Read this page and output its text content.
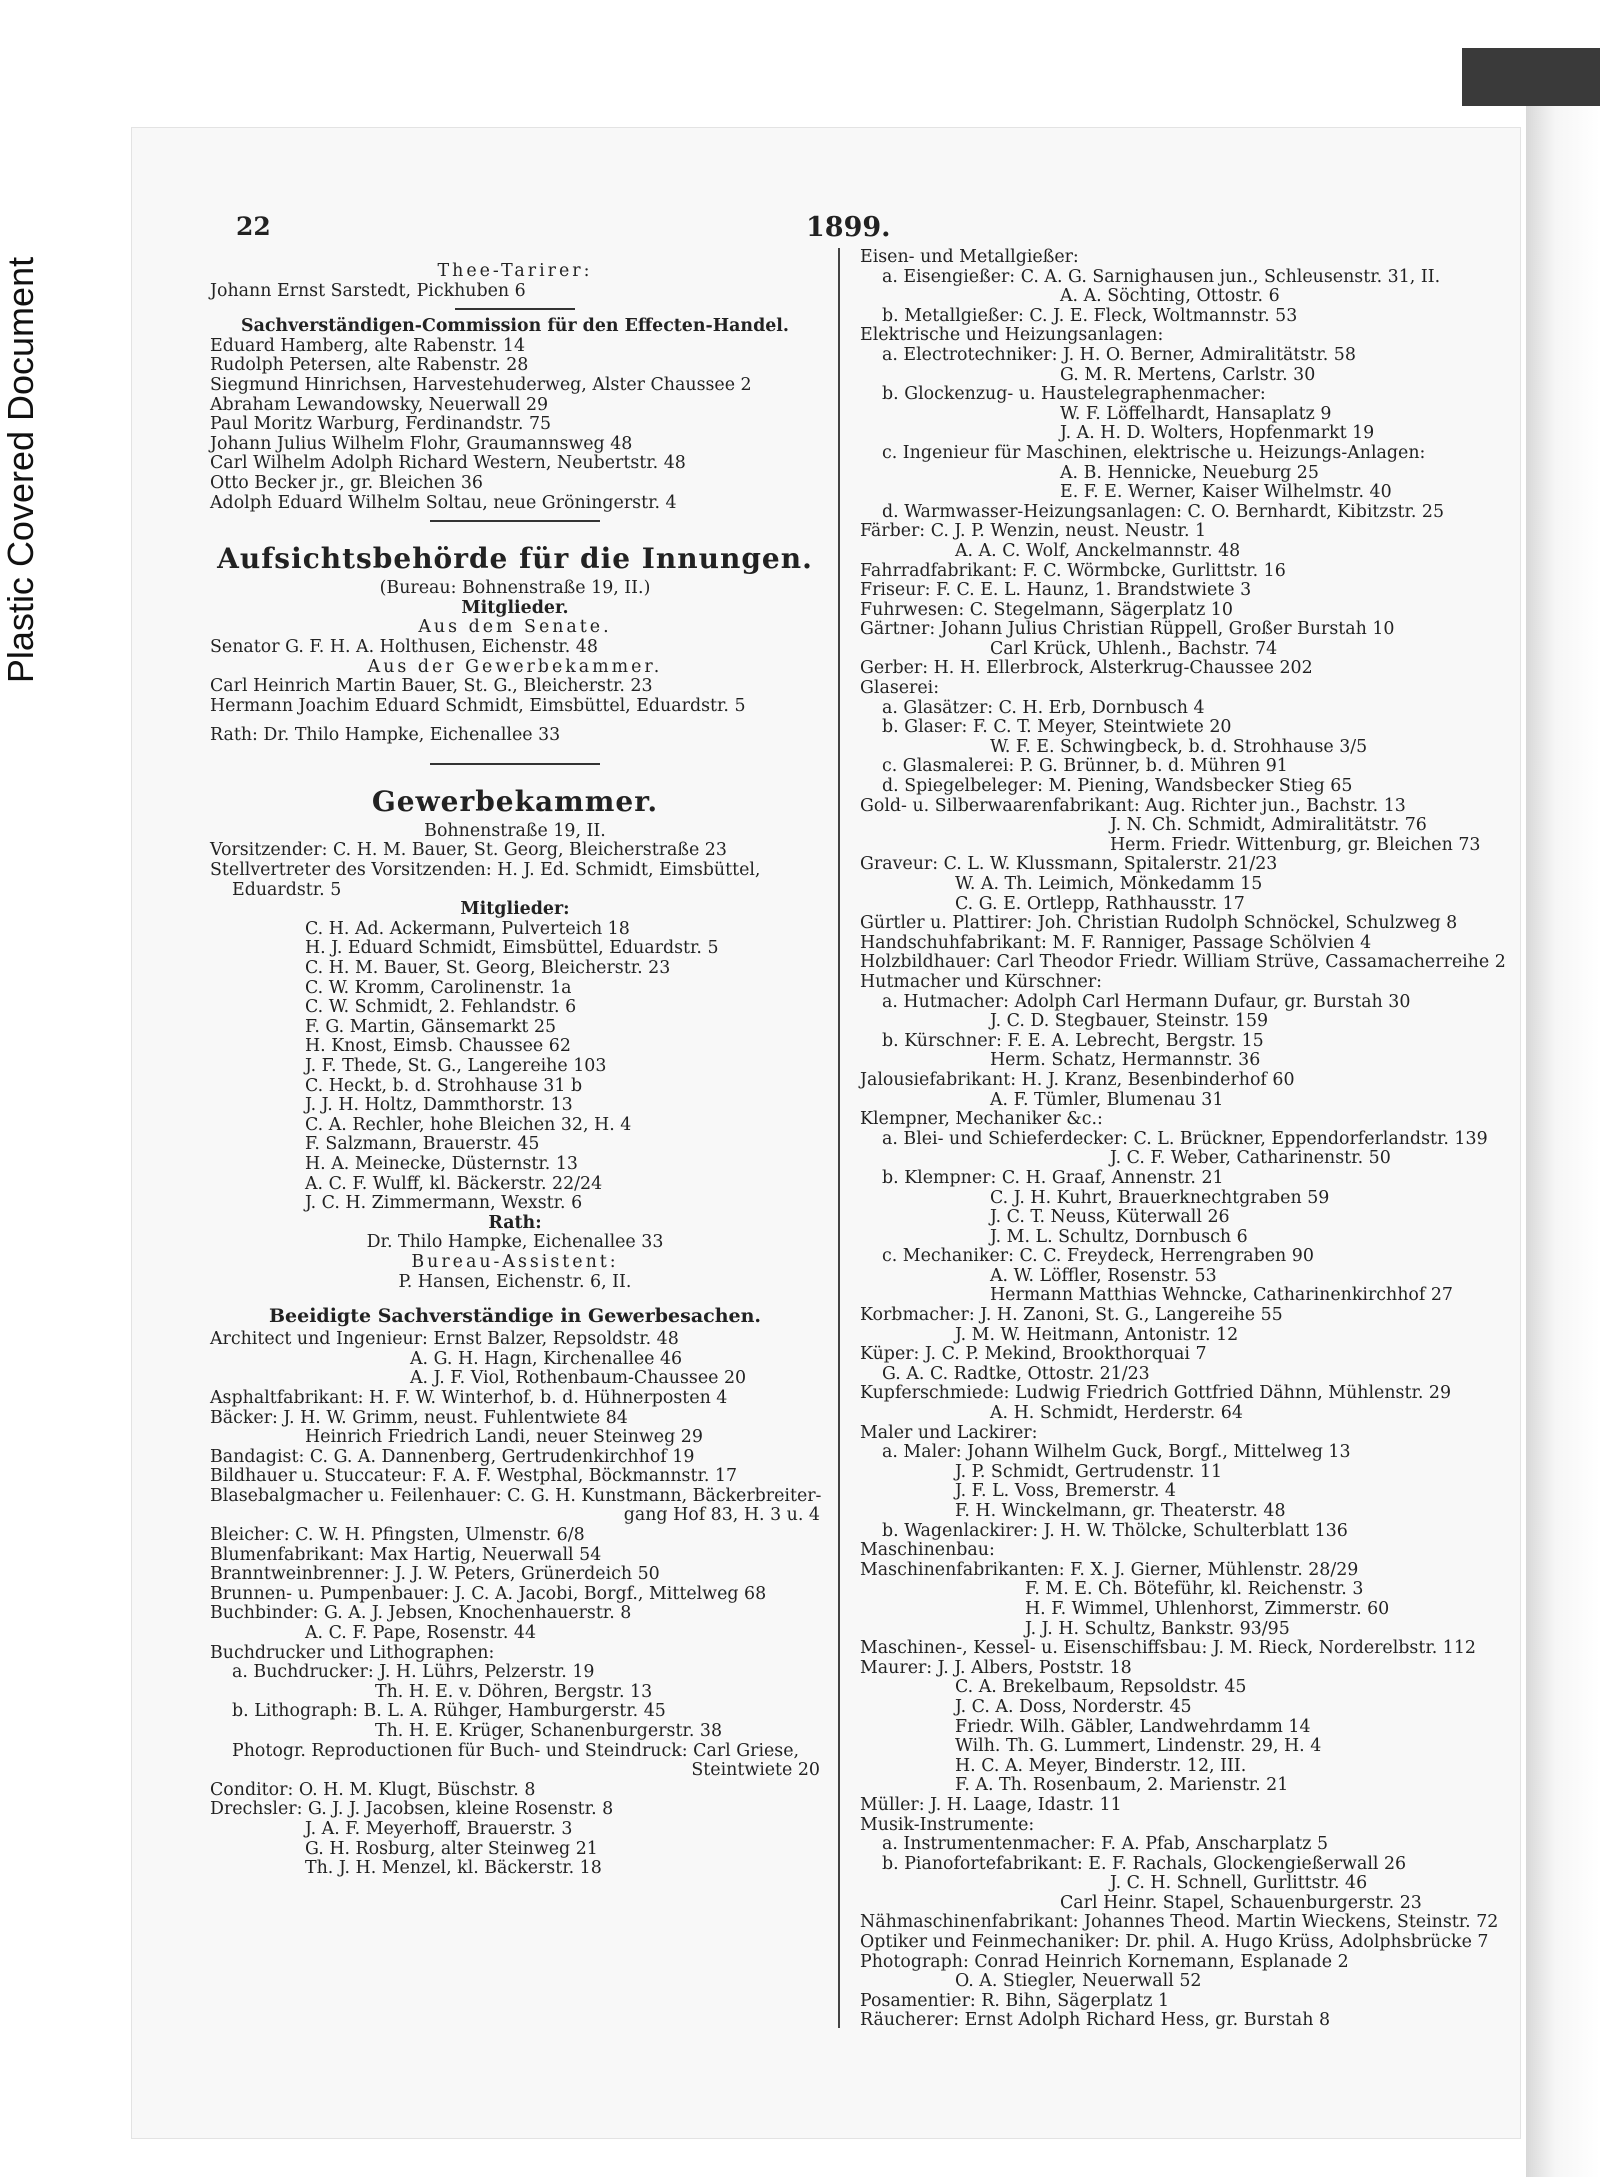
Plastic Covered Document
22	1899.

Thee-Tarirer:

Johann Ernst Sarstedt, Pickhuben 6

Sachverständigen-Commission für den Effecten-Handel.

Eduard Hamberg, alte Rabenstr. 14

Rudolph Petersen, alte Rabenstr. 28

Siegmund Hinrichsen, Harvestehuderweg, Alster Chaussee 2

Abraham Lewandowsky, Neuerwall 29

Paul Moritz Warburg, Ferdinandstr. 75

Johann Julius Wilhelm Flohr, Graumannsweg 48

Carl Wilhelm Adolph Richard Western, Neubertstr. 48

Otto Becker jr., gr. Bleichen 36

Adolph Eduard Wilhelm Soltau, neue Gröningerstr. 4

Aufsichtsbehörde für die Innungen.

(Bureau: Bohnenstraße 19, II.)

Mitglieder.

Aus dem Senate.

Senator G. F. H. A. Holthusen, Eichenstr. 48

Aus der Gewerbekammer.

Carl Heinrich Martin Bauer, St. G., Bleicherstr. 23

Hermann Joachim Eduard Schmidt, Eimsbüttel, Eduardstr. 5

Rath: Dr. Thilo Hampke, Eichenallee 33

Gewerbekammer.

Bohnenstraße 19, II.

Vorsitzender: C. H. M. Bauer, St. Georg, Bleicherstraße 23

Stellvertreter des Vorsitzenden: H. J. Ed. Schmidt, Eimsbüttel,

Eduardstr. 5

Mitglieder:

C. H. Ad. Ackermann, Pulverteich 18

H. J. Eduard Schmidt, Eimsbüttel, Eduardstr. 5

C. H. M. Bauer, St. Georg, Bleicherstr. 23

C. W. Kromm, Carolinenstr. 1a

C. W. Schmidt, 2. Fehlandstr. 6

F. G. Martin, Gänsemarkt 25

H. Knost, Eimsb. Chaussee 62

J. F. Thede, St. G., Langereihe 103

C. Heckt, b. d. Strohhause 31 b

J. J. H. Holtz, Dammthorstr. 13

C. A. Rechler, hohe Bleichen 32, H. 4

F. Salzmann, Brauerstr. 45

H. A. Meinecke, Düsternstr. 13

A. C. F. Wulff, kl. Bäckerstr. 22/24

J. C. H. Zimmermann, Wexstr. 6

Rath:

Dr. Thilo Hampke, Eichenallee 33

Bureau-Assistent:

P. Hansen, Eichenstr. 6, II.

Beeidigte Sachverständige in Gewerbesachen.

Architect und Ingenieur: Ernst Balzer, Repsoldstr. 48

A. G. H. Hagn, Kirchenallee 46

A. J. F. Viol, Rothenbaum-Chaussee 20

Asphaltfabrikant: H. F. W. Winterhof, b. d. Hühnerposten 4

Bäcker: J. H. W. Grimm, neust. Fuhlentwiete 84

Heinrich Friedrich Landi, neuer Steinweg 29

Bandagist: C. G. A. Dannenberg, Gertrudenkirchhof 19

Bildhauer u. Stuccateur: F. A. F. Westphal, Böckmannstr. 17

Blasebalgmacher u. Feilenhauer: C. G. H. Kunstmann, Bäckerbreiter-

gang Hof 83, H. 3 u. 4

Bleicher: C. W. H. Pfingsten, Ulmenstr. 6/8

Blumenfabrikant: Max Hartig, Neuerwall 54

Branntweinbrenner: J. J. W. Peters, Grünerdeich 50

Brunnen- u. Pumpenbauer: J. C. A. Jacobi, Borgf., Mittelweg 68

Buchbinder: G. A. J. Jebsen, Knochenhauerstr. 8

A. C. F. Pape, Rosenstr. 44

Buchdrucker und Lithographen:

a. Buchdrucker: J. H. Lührs, Pelzerstr. 19

Th. H. E. v. Döhren, Bergstr. 13

b. Lithograph: B. L. A. Rühger, Hamburgerstr. 45

Th. H. E. Krüger, Schanenburgerstr. 38

Photogr. Reproductionen für Buch- und Steindruck: Carl Griese,

Steintwiete 20

Conditor: O. H. M. Klugt, Büschstr. 8

Drechsler: G. J. J. Jacobsen, kleine Rosenstr. 8

J. A. F. Meyerhoff, Brauerstr. 3

G. H. Rosburg, alter Steinweg 21

Th. J. H. Menzel, kl. Bäckerstr. 18

Eisen- und Metallgießer:

a. Eisengießer: C. A. G. Sarnighausen jun., Schleusenstr. 31, II.

A. A. Söchting, Ottostr. 6

b. Metallgießer: C. J. E. Fleck, Woltmannstr. 53

Elektrische und Heizungsanlagen:

a. Electrotechniker: J. H. O. Berner, Admiralitätstr. 58

G. M. R. Mertens, Carlstr. 30

b. Glockenzug- u. Haustelegraphenmacher:

W. F. Löffelhardt, Hansaplatz 9

J. A. H. D. Wolters, Hopfenmarkt 19

c. Ingenieur für Maschinen, elektrische u. Heizungs-Anlagen:

A. B. Hennicke, Neueburg 25

E. F. E. Werner, Kaiser Wilhelmstr. 40

d. Warmwasser-Heizungsanlagen: C. O. Bernhardt, Kibitzstr. 25

Färber: C. J. P. Wenzin, neust. Neustr. 1

A. A. C. Wolf, Anckelmannstr. 48

Fahrradfabrikant: F. C. Wörmbcke, Gurlittstr. 16

Friseur: F. C. E. L. Haunz, 1. Brandstwiete 3

Fuhrwesen: C. Stegelmann, Sägerplatz 10

Gärtner: Johann Julius Christian Rüppell, Großer Burstah 10

Carl Krück, Uhlenh., Bachstr. 74

Gerber: H. H. Ellerbrock, Alsterkrug-Chaussee 202

Glaserei:

a. Glasätzer: C. H. Erb, Dornbusch 4

b. Glaser: F. C. T. Meyer, Steintwiete 20

W. F. E. Schwingbeck, b. d. Strohhause 3/5

c. Glasmalerei: P. G. Brünner, b. d. Mühren 91

d. Spiegelbeleger: M. Piening, Wandsbecker Stieg 65

Gold- u. Silberwaarenfabrikant: Aug. Richter jun., Bachstr. 13

J. N. Ch. Schmidt, Admiralitätstr. 76

Herm. Friedr. Wittenburg, gr. Bleichen 73

Graveur: C. L. W. Klussmann, Spitalerstr. 21/23

W. A. Th. Leimich, Mönkedamm 15

C. G. E. Ortlepp, Rathhausstr. 17

Gürtler u. Plattirer: Joh. Christian Rudolph Schnöckel, Schulzweg 8

Handschuhfabrikant: M. F. Ranniger, Passage Schölvien 4

Holzbildhauer: Carl Theodor Friedr. William Strüve, Cassamacherreihe 2

Hutmacher und Kürschner:

a. Hutmacher: Adolph Carl Hermann Dufaur, gr. Burstah 30

J. C. D. Stegbauer, Steinstr. 159

b. Kürschner: F. E. A. Lebrecht, Bergstr. 15

Herm. Schatz, Hermannstr. 36

Jalousiefabrikant: H. J. Kranz, Besenbinderhof 60

A. F. Tümler, Blumenau 31

Klempner, Mechaniker &c.:

a. Blei- und Schieferdecker: C. L. Brückner, Eppendorferlandstr. 139

J. C. F. Weber, Catharinenstr. 50

b. Klempner: C. H. Graaf, Annenstr. 21

C. J. H. Kuhrt, Brauerknechtgraben 59

J. C. T. Neuss, Küterwall 26

J. M. L. Schultz, Dornbusch 6

c. Mechaniker: C. C. Freydeck, Herrengraben 90

A. W. Löffler, Rosenstr. 53

Hermann Matthias Wehncke, Catharinenkirchhof 27

Korbmacher: J. H. Zanoni, St. G., Langereihe 55

J. M. W. Heitmann, Antonistr. 12

Küper: J. C. P. Mekind, Brookthorquai 7

G. A. C. Radtke, Ottostr. 21/23

Kupferschmiede: Ludwig Friedrich Gottfried Dähnn, Mühlenstr. 29

A. H. Schmidt, Herderstr. 64

Maler und Lackirer:

a. Maler: Johann Wilhelm Guck, Borgf., Mittelweg 13

J. P. Schmidt, Gertrudenstr. 11

J. F. L. Voss, Bremerstr. 4

F. H. Winckelmann, gr. Theaterstr. 48

b. Wagenlackirer: J. H. W. Thölcke, Schulterblatt 136

Maschinenbau:

Maschinenfabrikanten: F. X. J. Gierner, Mühlenstr. 28/29

F. M. E. Ch. Böteführ, kl. Reichenstr. 3

H. F. Wimmel, Uhlenhorst, Zimmerstr. 60

J. J. H. Schultz, Bankstr. 93/95

Maschinen-, Kessel- u. Eisenschiffsbau: J. M. Rieck, Norderelbstr. 112

Maurer: J. J. Albers, Poststr. 18

C. A. Brekelbaum, Repsoldstr. 45

J. C. A. Doss, Norderstr. 45

Friedr. Wilh. Gäbler, Landwehrdamm 14

Wilh. Th. G. Lummert, Lindenstr. 29, H. 4

H. C. A. Meyer, Binderstr. 12, III.

F. A. Th. Rosenbaum, 2. Marienstr. 21

Müller: J. H. Laage, Idastr. 11

Musik-Instrumente:

a. Instrumentenmacher: F. A. Pfab, Anscharplatz 5

b. Pianofortefabrikant: E. F. Rachals, Glockengießerwall 26

J. C. H. Schnell, Gurlittstr. 46

Carl Heinr. Stapel, Schauenburgerstr. 23

Nähmaschinenfabrikant: Johannes Theod. Martin Wieckens, Steinstr. 72

Optiker und Feinmechaniker: Dr. phil. A. Hugo Krüss, Adolphsbrücke 7

Photograph: Conrad Heinrich Kornemann, Esplanade 2

O. A. Stiegler, Neuerwall 52

Posamentier: R. Bihn, Sägerplatz 1

Räucherer: Ernst Adolph Richard Hess, gr. Burstah 8
